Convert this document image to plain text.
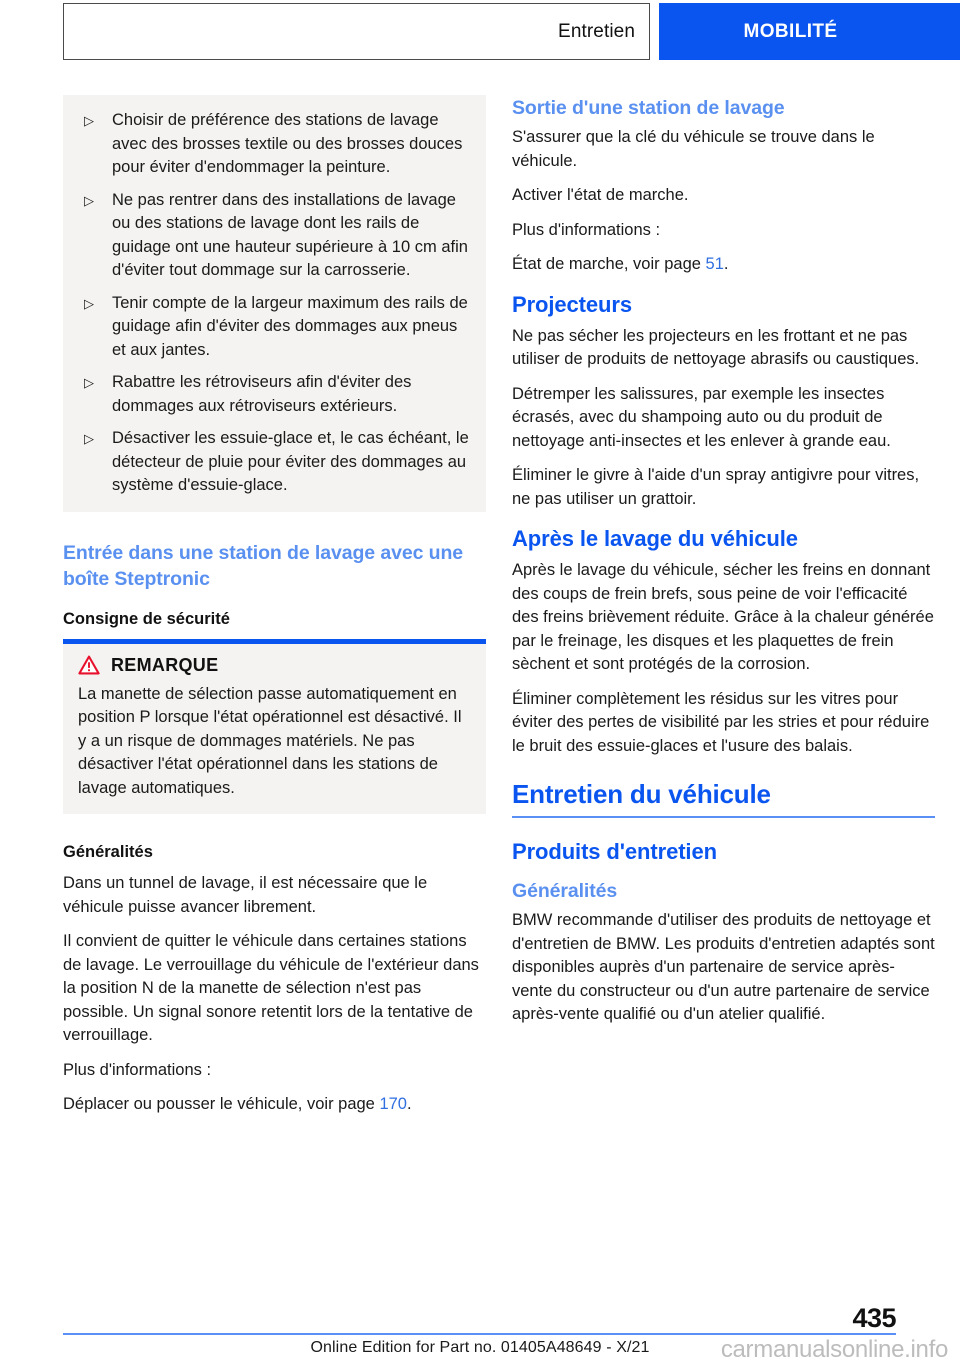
Entretien	MOBILITÉ
▷	Choisir de préférence des stations de lavage avec des brosses textile ou des brosses douces pour éviter d'endommager la peinture.
▷	Ne pas rentrer dans des installations de lavage ou des stations de lavage dont les rails de guidage ont une hauteur supérieure à 10 cm afin d'éviter tout dommage sur la carrosserie.
▷	Tenir compte de la largeur maximum des rails de guidage afin d'éviter des dommages aux pneus et aux jantes.
▷	Rabattre les rétroviseurs afin d'éviter des dommages aux rétroviseurs extérieurs.
▷	Désactiver les essuie-glace et, le cas échéant, le détecteur de pluie pour éviter des dommages au système d'essuie-glace.
Entrée dans une station de lavage avec une boîte Steptronic
Consigne de sécurité
REMARQUE

La manette de sélection passe automatiquement en position P lorsque l'état opérationnel est désactivé. Il y a un risque de dommages matériels. Ne pas désactiver l'état opérationnel dans les stations de lavage automatiques.

Généralités

Dans un tunnel de lavage, il est nécessaire que le véhicule puisse avancer librement.

Il convient de quitter le véhicule dans certaines stations de lavage. Le verrouillage du véhicule de l'extérieur dans la position N de la manette de sélection n'est pas possible. Un signal sonore retentit lors de la tentative de verrouillage.

Plus d'informations :

Déplacer ou pousser le véhicule, voir page 170.

Sortie d'une station de lavage

S'assurer que la clé du véhicule se trouve dans le véhicule.

Activer l'état de marche.

Plus d'informations :

État de marche, voir page 51.

Projecteurs

Ne pas sécher les projecteurs en les frottant et ne pas utiliser de produits de nettoyage abrasifs ou caustiques.

Détremper les salissures, par exemple les insectes écrasés, avec du shampoing auto ou du produit de nettoyage anti-insectes et les enlever à grande eau.

Éliminer le givre à l'aide d'un spray antigivre pour vitres, ne pas utiliser un grattoir.

Après le lavage du véhicule

Après le lavage du véhicule, sécher les freins en donnant des coups de frein brefs, sous peine de voir l'efficacité des freins brièvement réduite. Grâce à la chaleur générée par le freinage, les disques et les plaquettes de frein sèchent et sont protégés de la corrosion.

Éliminer complètement les résidus sur les vitres pour éviter des pertes de visibilité par les stries et pour réduire le bruit des essuie-glaces et l'usure des balais.

Entretien du véhicule
Produits d'entretien
Généralités

BMW recommande d'utiliser des produits de nettoyage et d'entretien de BMW. Les produits d'entretien adaptés sont disponibles auprès d'un partenaire de service après-vente du constructeur ou d'un autre partenaire de service après-vente qualifié ou d'un atelier qualifié.

435
Online Edition for Part no. 01405A48649 - X/21	carmanualsonline.info
